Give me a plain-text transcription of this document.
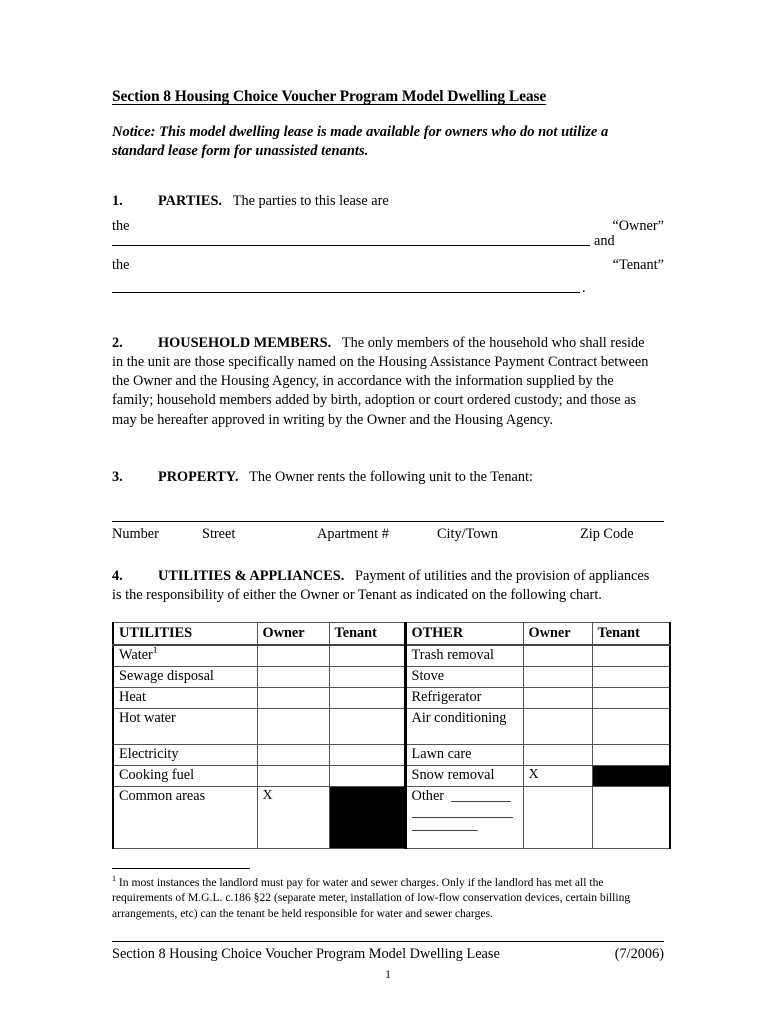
Section 8 Housing Choice Voucher Program Model Dwelling Lease
Notice: This model dwelling lease is made available for owners who do not utilize a standard lease form for unassisted tenants.
1. PARTIES. The parties to this lease are
the	“Owner”
and
the	“Tenant”
.
2. HOUSEHOLD MEMBERS. The only members of the household who shall reside in the unit are those specifically named on the Housing Assistance Payment Contract between the Owner and the Housing Agency, in accordance with the information supplied by the family; household members added by birth, adoption or court ordered custody; and those as may be hereafter approved in writing by the Owner and the Housing Agency.
3. PROPERTY. The Owner rents the following unit to the Tenant:
Number	Street	Apartment #	City/Town	Zip Code
4. UTILITIES & APPLIANCES. Payment of utilities and the provision of appliances is the responsibility of either the Owner or Tenant as indicated on the following chart.
UTILITIES	Owner	Tenant	OTHER	Owner	Tenant
Water$^1$			Trash removal		
Sewage disposal			Stove		
Heat			Refrigerator		
Hot water			Air conditioning		
Electricity			Lawn care		
Cooking fuel			Snow removal	X	
Common areas	X		Other

$^1$ In most instances the landlord must pay for water and sewer charges. Only if the landlord has met all the requirements of M.G.L. c.186 §22 (separate meter, installation of low-flow conservation devices, certain billing arrangements, etc) can the tenant be held responsible for water and sewer charges.
Section 8 Housing Choice Voucher Program Model Dwelling Lease	(7/2006)
1
